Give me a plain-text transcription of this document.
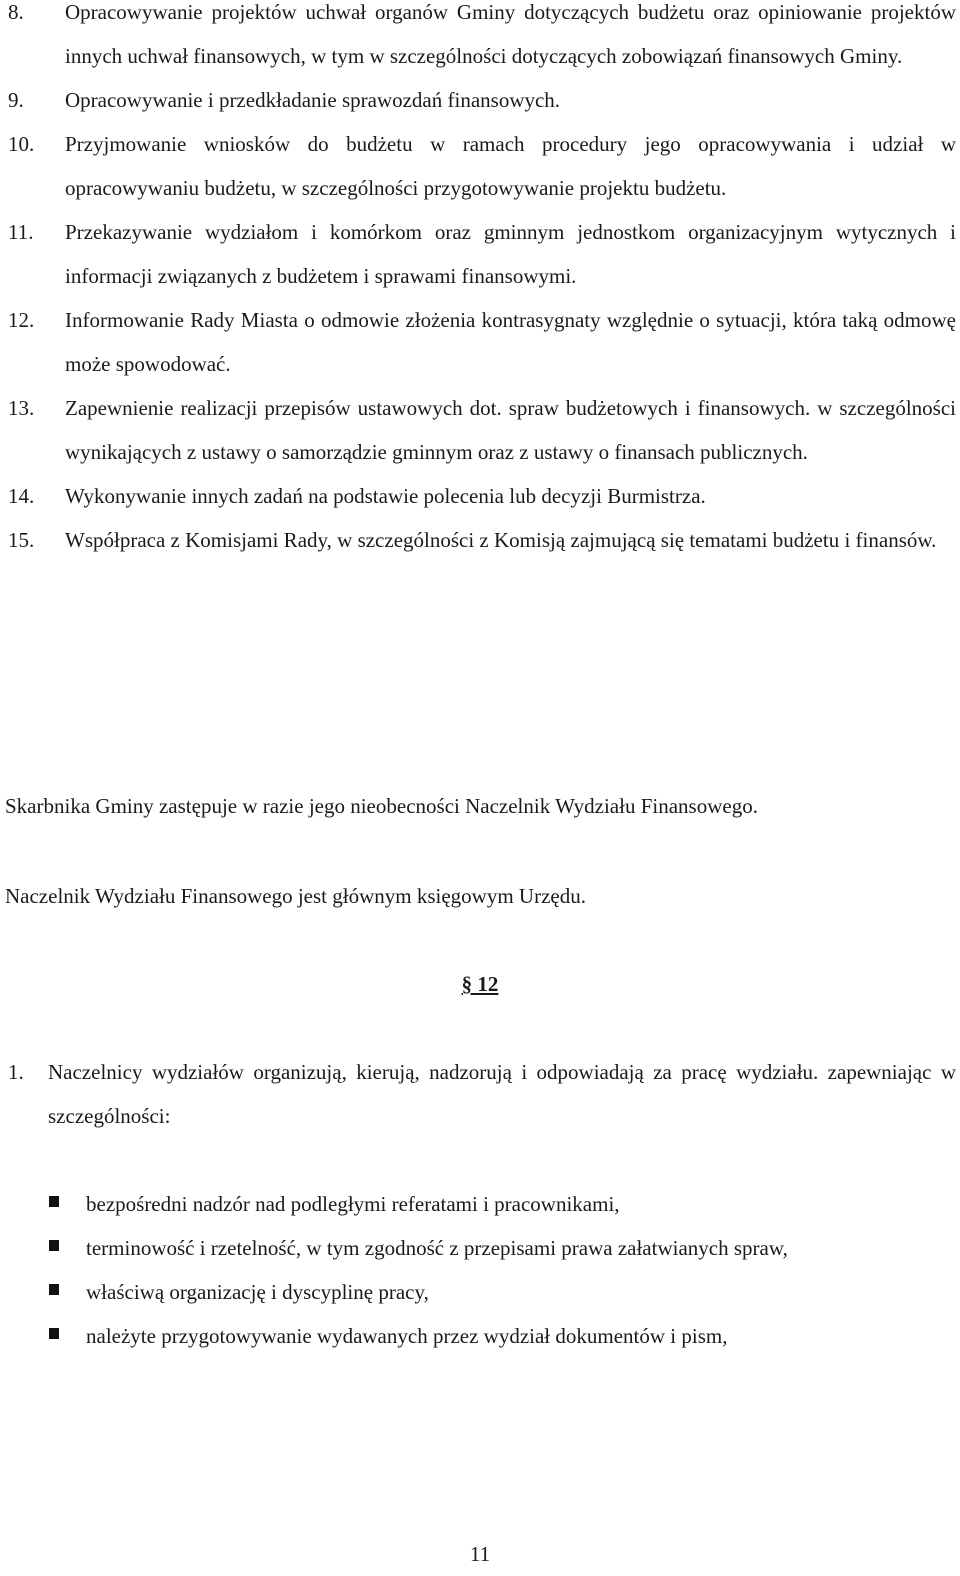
8.	Opracowywanie projektów uchwał organów Gminy dotyczących budżetu oraz opiniowanie projektów innych uchwał finansowych, w tym w szczególności dotyczących zobowiązań finansowych Gminy.
9.	Opracowywanie i przedkładanie sprawozdań finansowych.
10.	Przyjmowanie wniosków do budżetu w ramach procedury jego opracowywania i udział w opracowywaniu budżetu, w szczególności przygotowywanie projektu budżetu.
11.	Przekazywanie wydziałom i komórkom oraz gminnym jednostkom organizacyjnym wytycznych i informacji związanych z budżetem i sprawami finansowymi.
12.	Informowanie Rady Miasta o odmowie złożenia kontrasygnaty względnie o sytuacji, która taką odmowę może spowodować.
13.	Zapewnienie realizacji przepisów ustawowych dot. spraw budżetowych i finansowych. w szczególności wynikających z ustawy o samorządzie gminnym oraz z ustawy o finansach publicznych.
14.	Wykonywanie innych zadań na podstawie polecenia lub decyzji Burmistrza.
15.	Współpraca z Komisjami Rady, w szczególności z Komisją zajmującą się tematami budżetu i finansów.
Skarbnika Gminy zastępuje w razie jego nieobecności Naczelnik Wydziału Finansowego.
Naczelnik Wydziału Finansowego jest głównym księgowym Urzędu.
§ 12
1.	Naczelnicy wydziałów organizują, kierują, nadzorują i odpowiadają za pracę wydziału. zapewniając w szczególności:
bezpośredni nadzór nad podległymi referatami i pracownikami,
terminowość i rzetelność, w tym zgodność z przepisami prawa załatwianych spraw,
właściwą organizację i dyscyplinę pracy,
należyte przygotowywanie wydawanych przez wydział dokumentów i pism,
11
